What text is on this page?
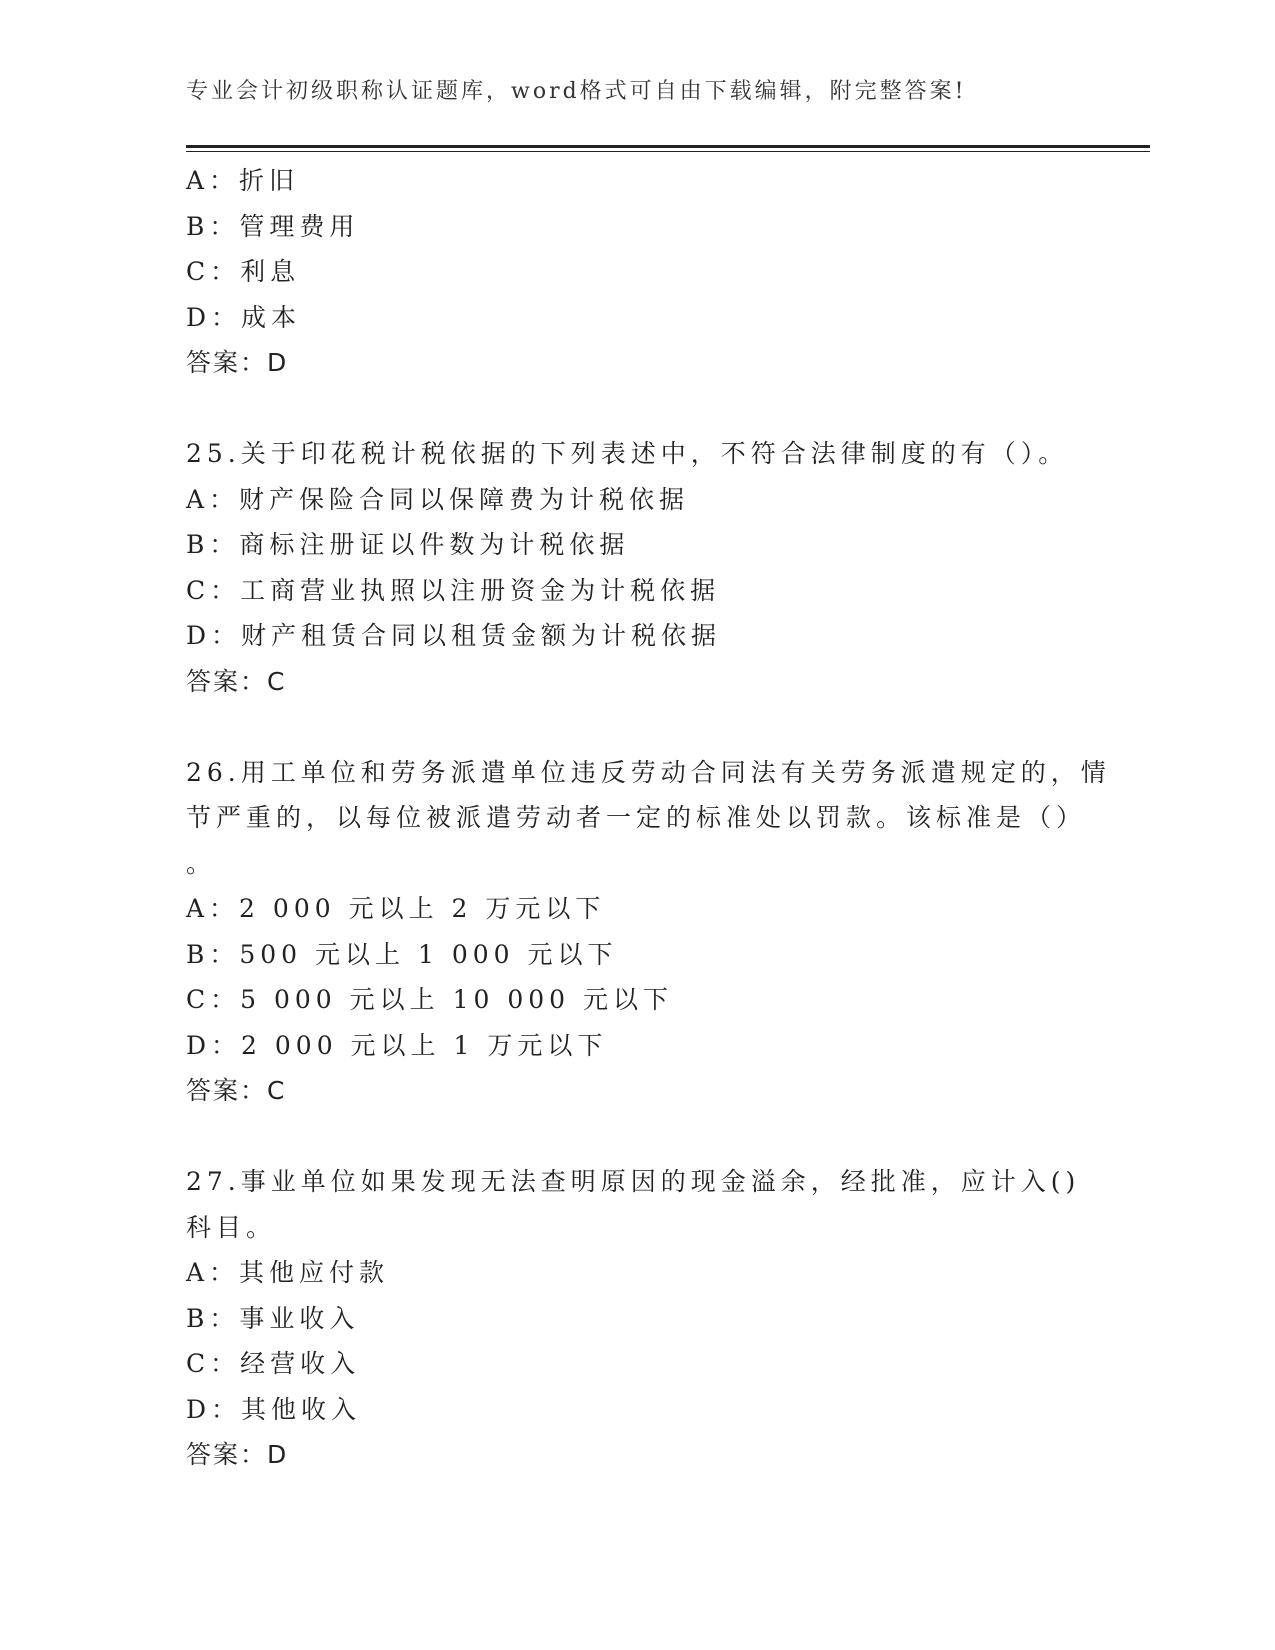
专业会计初级职称认证题库，word格式可自由下载编辑，附完整答案!
A：折旧
B：管理费用
C：利息
D：成本
答案：D
25.关于印花税计税依据的下列表述中，不符合法律制度的有（）。
A：财产保险合同以保障费为计税依据
B：商标注册证以件数为计税依据
C：工商营业执照以注册资金为计税依据
D：财产租赁合同以租赁金额为计税依据
答案：C
26.用工单位和劳务派遣单位违反劳动合同法有关劳务派遣规定的，情
节严重的，以每位被派遣劳动者一定的标准处以罚款。该标准是（）
。
A：2 000 元以上 2 万元以下
B：500 元以上 1 000 元以下
C：5 000 元以上 10 000 元以下
D：2 000 元以上 1 万元以下
答案：C
27.事业单位如果发现无法查明原因的现金溢余，经批准，应计入()
科目。
A：其他应付款
B：事业收入
C：经营收入
D：其他收入
答案：D
